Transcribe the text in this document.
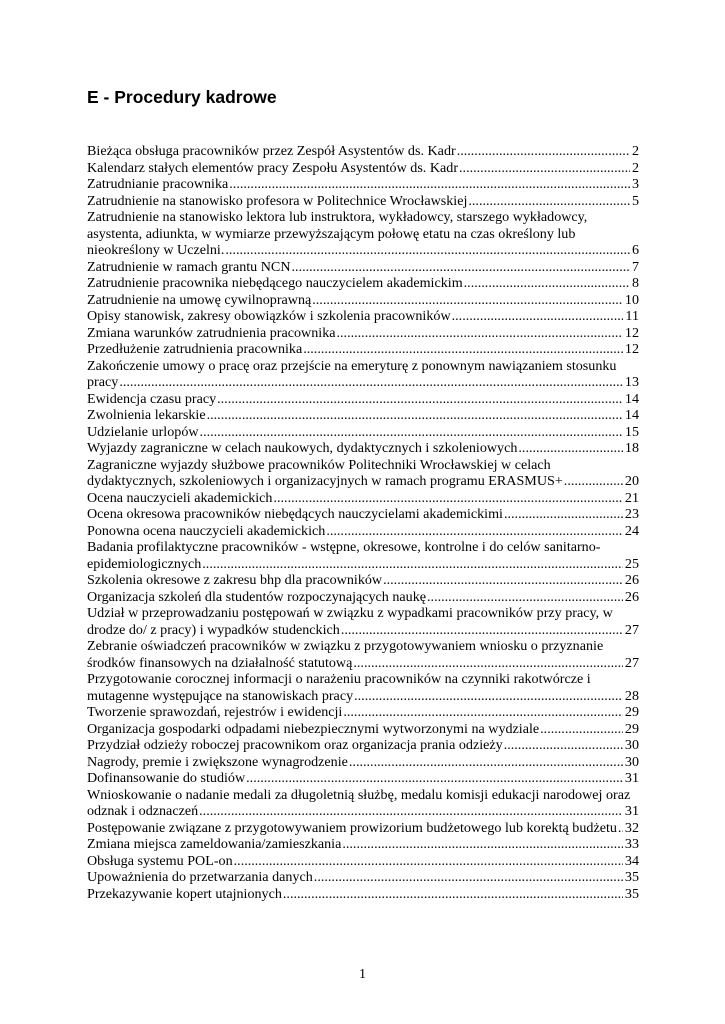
E - Procedury kadrowe
Bieżąca obsługa pracowników przez Zespół Asystentów ds. Kadr .....	2
Kalendarz stałych elementów pracy Zespołu Asystentów ds. Kadr .....	2
Zatrudnianie pracownika .....	3
Zatrudnienie na stanowisko profesora w Politechnice Wrocławskiej .....	5
Zatrudnienie na stanowisko lektora lub instruktora, wykładowcy, starszego wykładowcy, asystenta, adiunkta, w wymiarze przewyższającym połowę etatu na czas określony lub nieokreślony w Uczelni. .....	6
Zatrudnienie w ramach grantu NCN .....	7
Zatrudnienie pracownika niebędącego nauczycielem akademickim .....	8
Zatrudnienie na umowę cywilnoprawną .....	10
Opisy stanowisk, zakresy obowiązków i szkolenia pracowników .....	11
Zmiana warunków zatrudnienia pracownika .....	12
Przedłużenie zatrudnienia pracownika .....	12
Zakończenie umowy o pracę oraz przejście na emeryturę z ponownym nawiązaniem stosunku pracy .....	13
Ewidencja czasu pracy .....	14
Zwolnienia lekarskie .....	14
Udzielanie urlopów .....	15
Wyjazdy zagraniczne w celach naukowych, dydaktycznych i szkoleniowych .....	18
Zagraniczne wyjazdy służbowe pracowników Politechniki Wrocławskiej w celach dydaktycznych, szkoleniowych i organizacyjnych w ramach programu ERASMUS+ .....	20
Ocena nauczycieli akademickich .....	21
Ocena okresowa pracowników niebędących nauczycielami akademickimi .....	23
Ponowna ocena nauczycieli akademickich .....	24
Badania profilaktyczne pracowników - wstępne, okresowe, kontrolne i do celów sanitarno-epidemiologicznych .....	25
Szkolenia okresowe z zakresu bhp dla pracowników .....	26
Organizacja szkoleń dla studentów rozpoczynających naukę .....	26
Udział w przeprowadzaniu postępowań w związku z wypadkami pracowników przy pracy, w drodze do/ z pracy) i wypadków studenckich .....	27
Zebranie oświadczeń pracowników w związku z przygotowywaniem wniosku o przyznanie środków finansowych na działalność statutową .....	27
Przygotowanie corocznej informacji o narażeniu pracowników na czynniki rakotwórcze i mutagenne występujące na stanowiskach pracy .....	28
Tworzenie sprawozdań, rejestrów i ewidencji .....	29
Organizacja gospodarki odpadami niebezpiecznymi wytworzonymi na wydziale .....	29
Przydział odzieży roboczej pracownikom oraz organizacja prania odzieży .....	30
Nagrody, premie i zwiększone wynagrodzenie .....	30
Dofinansowanie do studiów .....	31
Wnioskowanie o nadanie medali za długoletnią służbę, medalu komisji edukacji narodowej oraz odznak i odznaczeń .....	31
Postępowanie związane z przygotowywaniem prowizorium budżetowego lub korektą budżetu ..... 32
Zmiana miejsca zameldowania/zamieszkania .....	33
Obsługa systemu POL-on .....	34
Upoważnienia do przetwarzania danych .....	35
Przekazywanie kopert utajnionych .....	35
1
